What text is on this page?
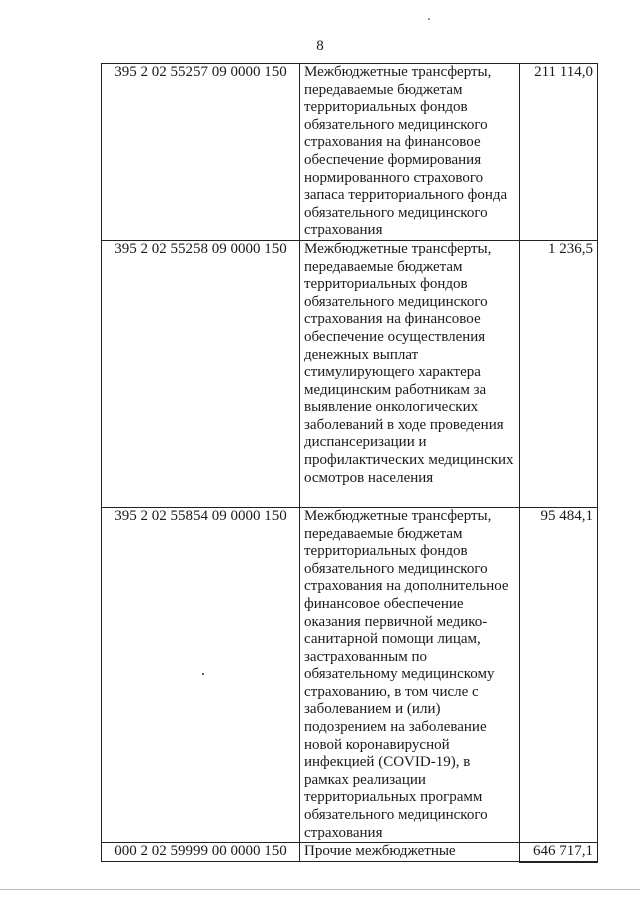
8
395 2 02 55257 09 0000 150	Межбюджетные трансферты, передаваемые бюджетам территориальных фондов обязательного медицинского страхования на финансовое обеспечение формирования нормированного страхового запаса территориального фонда обязательного медицинского страхования	211 114,0
395 2 02 55258 09 0000 150	Межбюджетные трансферты, передаваемые бюджетам территориальных фондов обязательного медицинского страхования на финансовое обеспечение осуществления денежных выплат стимулирующего характера медицинским работникам за выявление онкологических заболеваний в ходе проведения диспансеризации и профилактических медицинских осмотров населения	1 236,5
395 2 02 55854 09 0000 150	Межбюджетные трансферты, передаваемые бюджетам территориальных фондов обязательного медицинского страхования на дополнительное финансовое обеспечение оказания первичной медико-санитарной помощи лицам, застрахованным по обязательному медицинскому страхованию, в том числе с заболеванием и (или) подозрением на заболевание новой коронавирусной инфекцией (COVID-19), в рамках реализации территориальных программ обязательного медицинского страхования	95 484,1
000 2 02 59999 00 0000 150	Прочие межбюджетные	646 717,1
